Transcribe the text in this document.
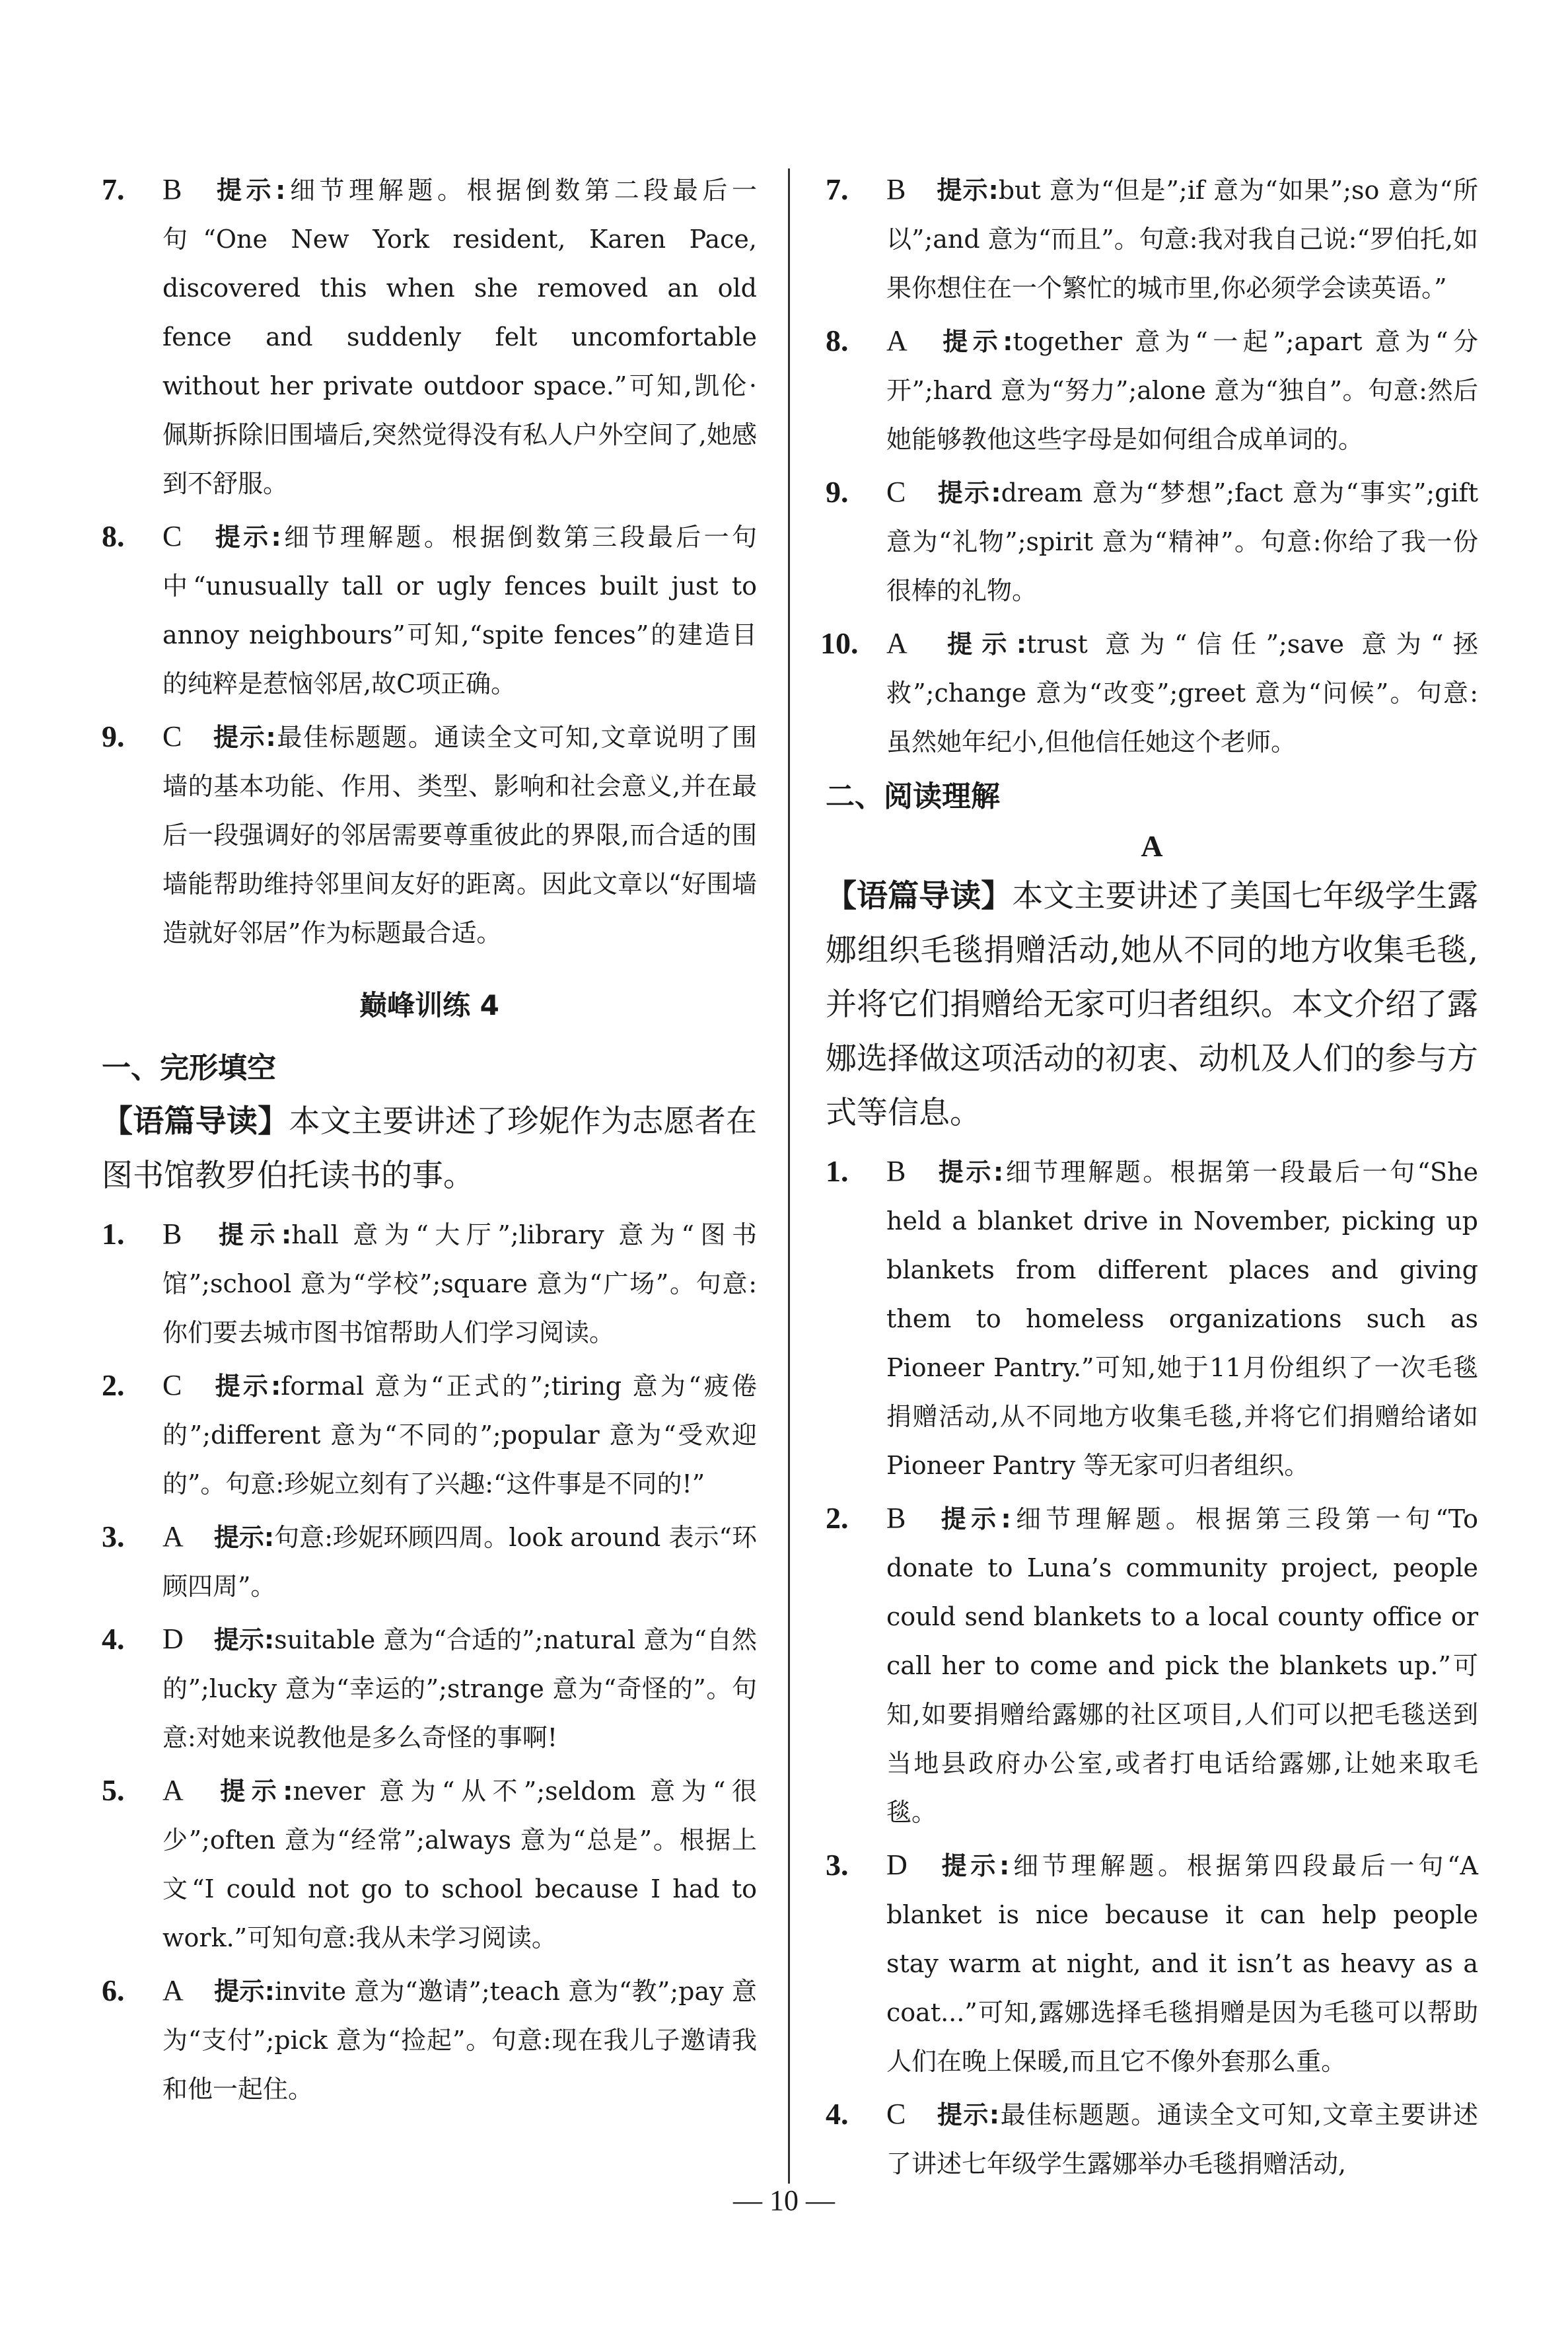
7. B 提示:细节理解题。根据倒数第二段最后一句“One New York resident, Karen Pace, discovered this when she removed an old fence and suddenly felt uncomfortable without her private outdoor space.”可知,凯伦·佩斯拆除旧围墙后,突然觉得没有私人户外空间了,她感到不舒服。
8. C 提示:细节理解题。根据倒数第三段最后一句中“unusually tall or ugly fences built just to annoy neighbours”可知,“spite fences”的建造目的纯粹是惹恼邻居,故C项正确。
9. C 提示:最佳标题题。通读全文可知,文章说明了围墙的基本功能、作用、类型、影响和社会意义,并在最后一段强调好的邻居需要尊重彼此的界限,而合适的围墙能帮助维持邻里间友好的距离。因此文章以“好围墙造就好邻居”作为标题最合适。
巅峰训练 4
一、完形填空
【语篇导读】本文主要讲述了珍妮作为志愿者在图书馆教罗伯托读书的事。
1. B 提示:hall 意为“大厅”;library 意为“图书馆”;school 意为“学校”;square 意为“广场”。句意:你们要去城市图书馆帮助人们学习阅读。
2. C 提示:formal 意为“正式的”;tiring 意为“疲倦的”;different 意为“不同的”;popular 意为“受欢迎的”。句意:珍妮立刻有了兴趣:“这件事是不同的!”
3. A 提示:句意:珍妮环顾四周。look around 表示“环顾四周”。
4. D 提示:suitable 意为“合适的”;natural 意为“自然的”;lucky 意为“幸运的”;strange 意为“奇怪的”。句意:对她来说教他是多么奇怪的事啊!
5. A 提示:never 意为“从不”;seldom 意为“很少”;often 意为“经常”;always 意为“总是”。根据上文“I could not go to school because I had to work.”可知句意:我从未学习阅读。
6. A 提示:invite 意为“邀请”;teach 意为“教”;pay 意为“支付”;pick 意为“捡起”。句意:现在我儿子邀请我和他一起住。
7. B 提示:but 意为“但是”;if 意为“如果”;so 意为“所以”;and 意为“而且”。句意:我对我自己说:“罗伯托,如果你想住在一个繁忙的城市里,你必须学会读英语。”
8. A 提示:together 意为“一起”;apart 意为“分开”;hard 意为“努力”;alone 意为“独自”。句意:然后她能够教他这些字母是如何组合成单词的。
9. C 提示:dream 意为“梦想”;fact 意为“事实”;gift 意为“礼物”;spirit 意为“精神”。句意:你给了我一份很棒的礼物。
10. A 提示:trust 意为“信任”;save 意为“拯救”;change 意为“改变”;greet 意为“问候”。句意:虽然她年纪小,但他信任她这个老师。
二、阅读理解
A
【语篇导读】本文主要讲述了美国七年级学生露娜组织毛毯捐赠活动,她从不同的地方收集毛毯,并将它们捐赠给无家可归者组织。本文介绍了露娜选择做这项活动的初衷、动机及人们的参与方式等信息。
1. B 提示:细节理解题。根据第一段最后一句“She held a blanket drive in November, picking up blankets from different places and giving them to homeless organizations such as Pioneer Pantry.”可知,她于11月份组织了一次毛毯捐赠活动,从不同地方收集毛毯,并将它们捐赠给诸如 Pioneer Pantry 等无家可归者组织。
2. B 提示:细节理解题。根据第三段第一句“To donate to Luna’s community project, people could send blankets to a local county office or call her to come and pick the blankets up.”可知,如要捐赠给露娜的社区项目,人们可以把毛毯送到当地县政府办公室,或者打电话给露娜,让她来取毛毯。
3. D 提示:细节理解题。根据第四段最后一句“A blanket is nice because it can help people stay warm at night, and it isn’t as heavy as a coat...”可知,露娜选择毛毯捐赠是因为毛毯可以帮助人们在晚上保暖,而且它不像外套那么重。
4. C 提示:最佳标题题。通读全文可知,文章主要讲述了讲述七年级学生露娜举办毛毯捐赠活动,
— 10 —
